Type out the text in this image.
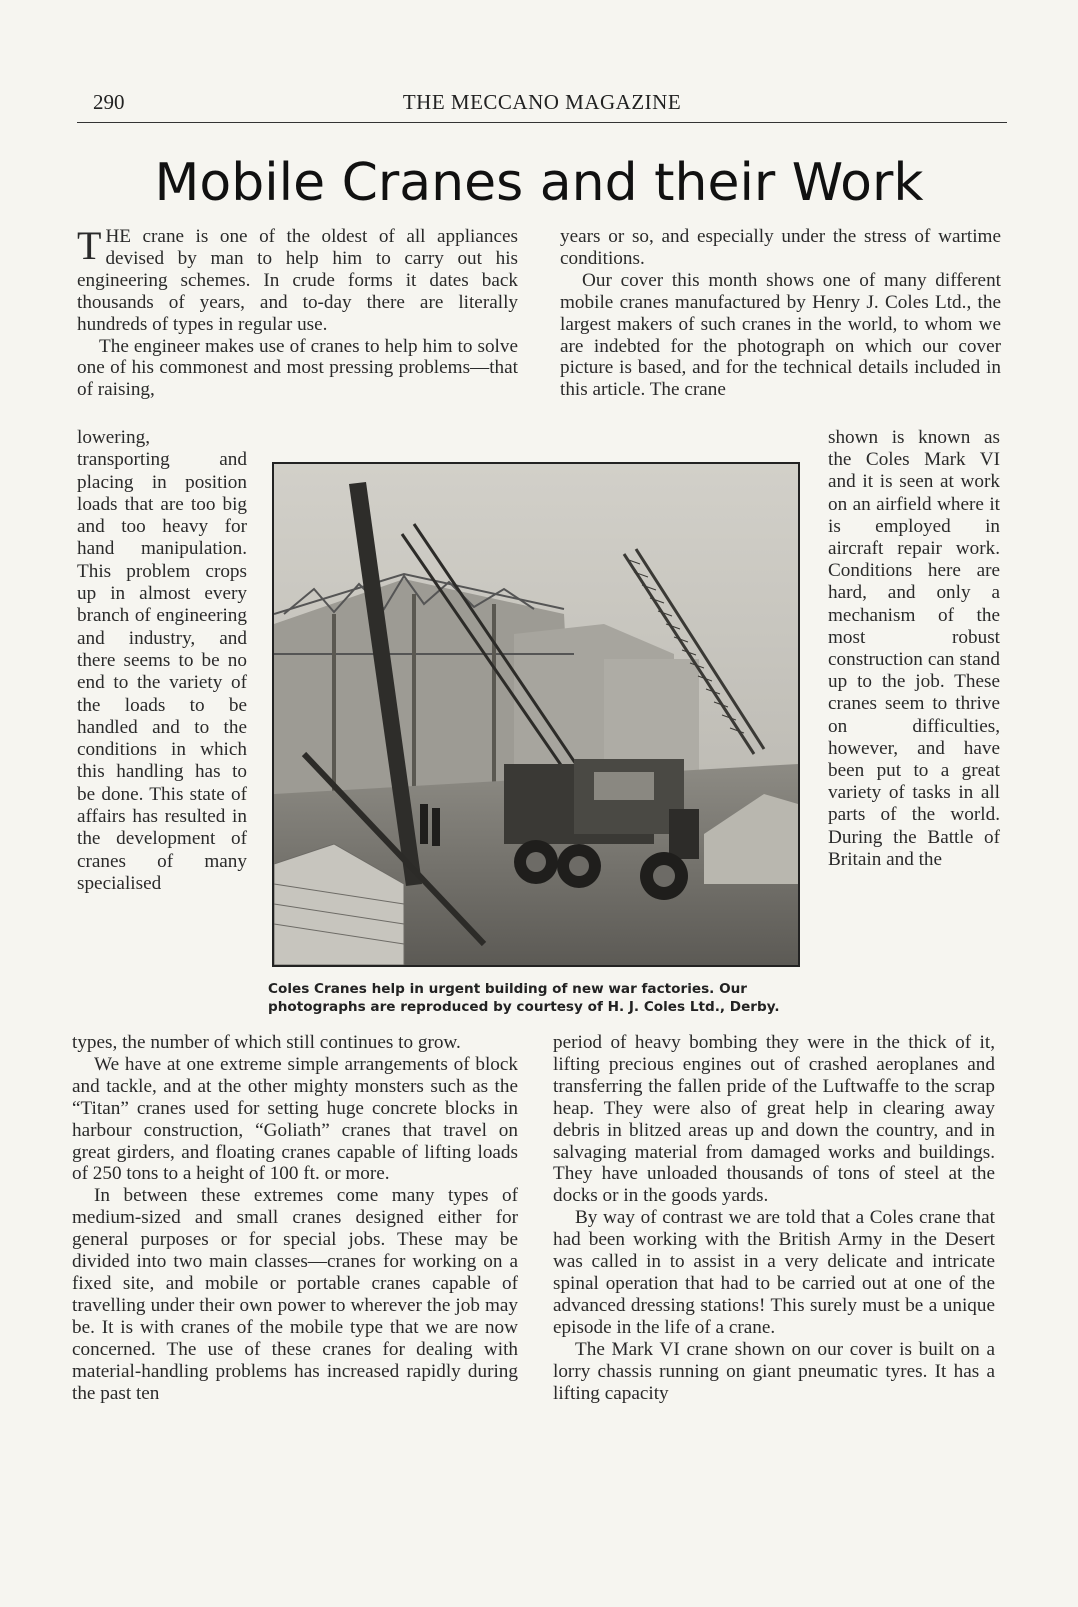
290	THE MECCANO MAGAZINE
Mobile Cranes and their Work

THE crane is one of the oldest of all appliances devised by man to help him to carry out his engineering schemes. In crude forms it dates back thousands of years, and to-day there are literally hundreds of types in regular use.

The engineer makes use of cranes to help him to solve one of his commonest and most pressing problems—that of raising,

lowering, transporting and placing in position loads that are too big and too heavy for hand manipulation. This problem crops up in almost every branch of engineering and industry, and there seems to be no end to the variety of the loads to be handled and to the conditions in which this handling has to be done. This state of affairs has resulted in the development of cranes of many specialised

types, the number of which still continues to grow.

We have at one extreme simple arrangements of block and tackle, and at the other mighty monsters such as the “Titan” cranes used for setting huge concrete blocks in harbour construction, “Goliath” cranes that travel on great girders, and floating cranes capable of lifting loads of 250 tons to a height of 100 ft. or more.

In between these extremes come many types of medium-sized and small cranes designed either for general purposes or for special jobs. These may be divided into two main classes—cranes for working on a fixed site, and mobile or portable cranes capable of travelling under their own power to wherever the job may be. It is with cranes of the mobile type that we are now concerned. The use of these cranes for dealing with material-handling problems has increased rapidly during the past ten

years or so, and especially under the stress of wartime conditions.

Our cover this month shows one of many different mobile cranes manufactured by Henry J. Coles Ltd., the largest makers of such cranes in the world, to whom we are indebted for the photograph on which our cover picture is based, and for the technical details included in this article. The crane

shown is known as the Coles Mark VI and it is seen at work on an airfield where it is employed in aircraft repair work. Conditions here are hard, and only a mechanism of the most robust construction can stand up to the job. These cranes seem to thrive on difficulties, however, and have been put to a great variety of tasks in all parts of the world. During the Battle of Britain and the

period of heavy bombing they were in the thick of it, lifting precious engines out of crashed aeroplanes and transferring the fallen pride of the Luftwaffe to the scrap heap. They were also of great help in clearing away debris in blitzed areas up and down the country, and in salvaging material from damaged works and buildings. They have unloaded thousands of tons of steel at the docks or in the goods yards.

By way of contrast we are told that a Coles crane that had been working with the British Army in the Desert was called in to assist in a very delicate and intricate spinal operation that had to be carried out at one of the advanced dressing stations! This surely must be a unique episode in the life of a crane.

The Mark VI crane shown on our cover is built on a lorry chassis running on giant pneumatic tyres. It has a lifting capacity

Coles Cranes help in urgent building of new war factories. Our photographs are reproduced by courtesy of H. J. Coles Ltd., Derby.
